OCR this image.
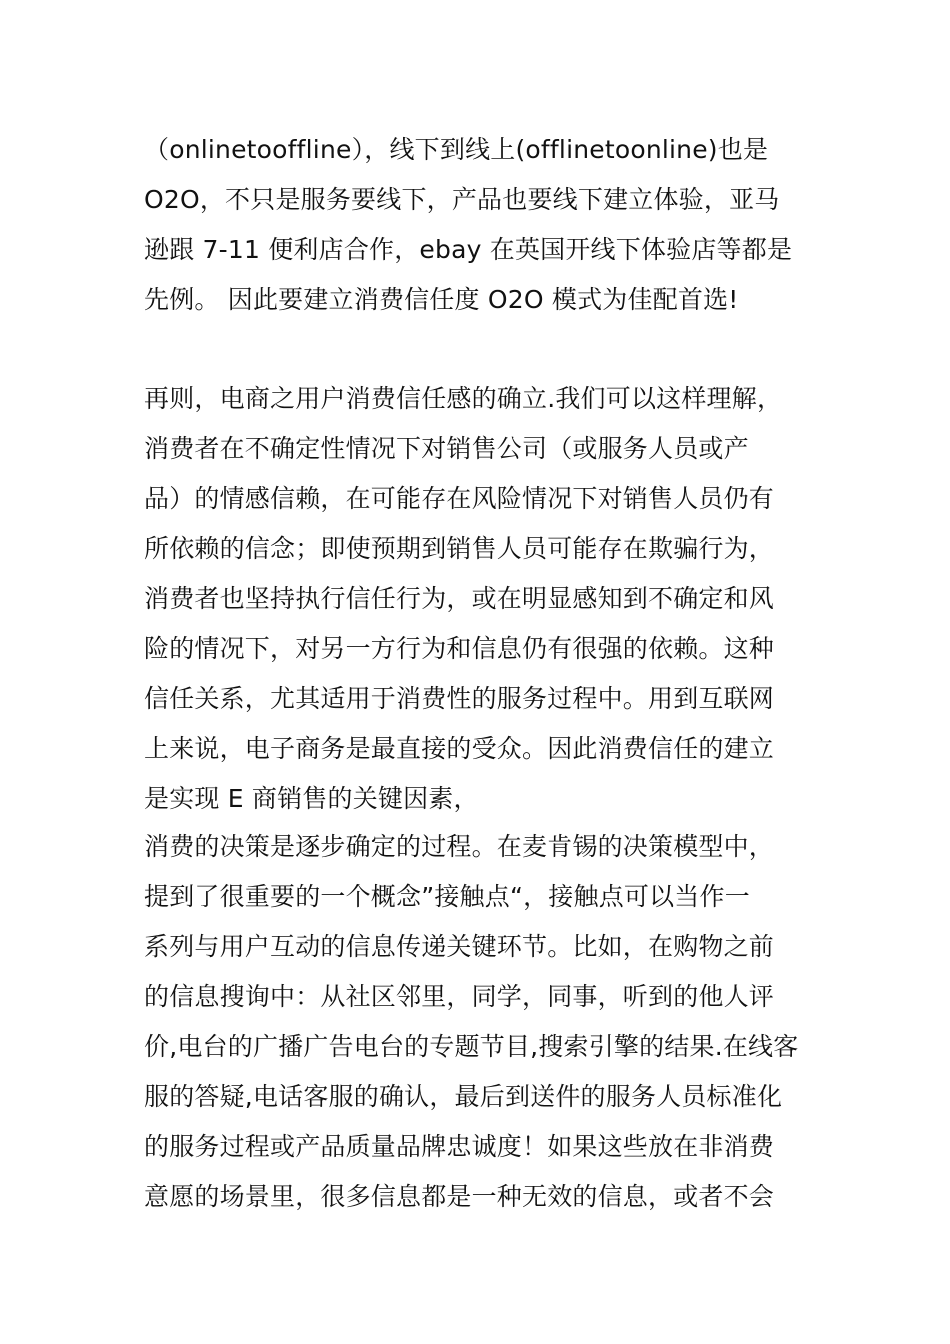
（onlinetooffline），线下到线上(offlinetoonline)也是
O2O，不只是服务要线下，产品也要线下建立体验，亚马
逊跟 7-11 便利店合作，ebay 在英国开线下体验店等都是
先例。 因此要建立消费信任度 O2O 模式为佳配首选!
再则，电商之用户消费信任感的确立.我们可以这样理解，
消费者在不确定性情况下对销售公司（或服务人员或产
品）的情感信赖，在可能存在风险情况下对销售人员仍有
所依赖的信念；即使预期到销售人员可能存在欺骗行为，
消费者也坚持执行信任行为，或在明显感知到不确定和风
险的情况下，对另一方行为和信息仍有很强的依赖。这种
信任关系，尤其适用于消费性的服务过程中。用到互联网
上来说，电子商务是最直接的受众。因此消费信任的建立
是实现 E 商销售的关键因素，
消费的决策是逐步确定的过程。在麦肯锡的决策模型中，
提到了很重要的一个概念”接触点“，接触点可以当作一
系列与用户互动的信息传递关键环节。比如，在购物之前
的信息搜询中：从社区邻里，同学，同事，听到的他人评
价,电台的广播广告电台的专题节目,搜索引擎的结果.在线客
服的答疑,电话客服的确认，最后到送件的服务人员标准化
的服务过程或产品质量品牌忠诚度！如果这些放在非消费
意愿的场景里，很多信息都是一种无效的信息，或者不会
